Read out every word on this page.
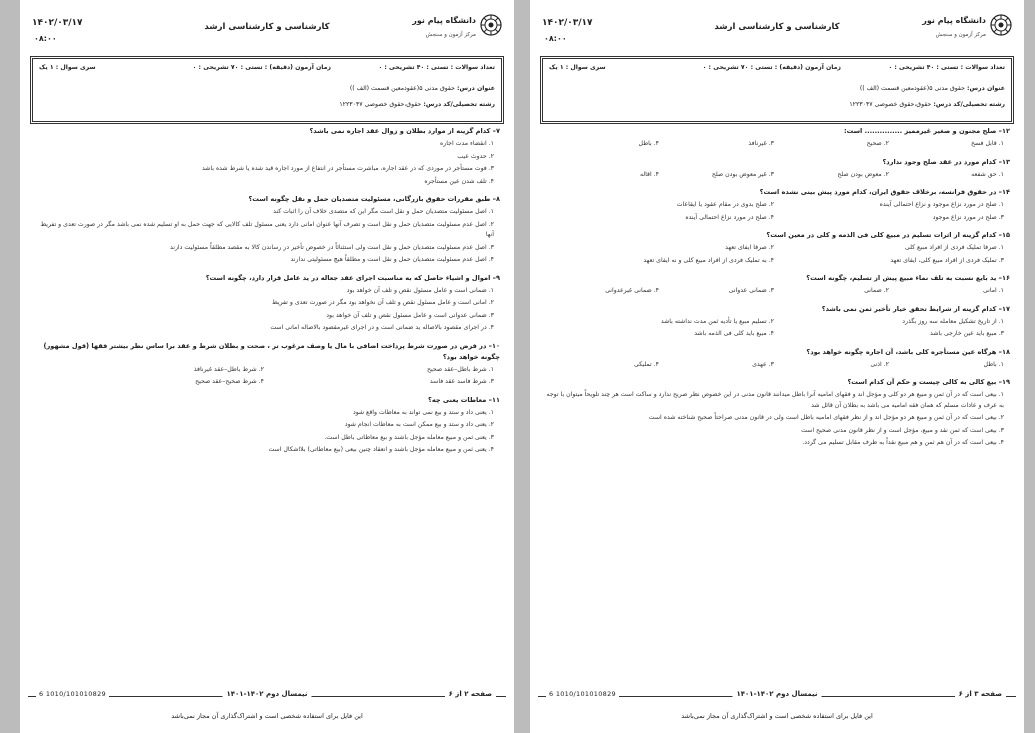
دانشگاه پیام نور
مرکز آزمون و سنجش
کارشناسی و کارشناسی ارشد
۱۴۰۲/۰۳/۱۷
۰۸:۰۰
تعداد سوالات : تستی : ۴۰ تشریحی : ۰
زمان آزمون (دقیقه) : تستی : ۷۰ تشریحی : ۰
سری سوال : ۱ یک
عنوان درس: حقوق مدنی ۵(عقودمعین قسمت (الف ))
رشته تحصیلی/کد درس: حقوق،حقوق خصوصی ۱۲۲۳۰۴۷
۷– کدام گزینه از موارد بطلان و زوال عقد اجاره نمی باشد؟
۱. انقضاء مدت اجاره
۲. حدوث عیب
۳. فوت مستأجر در موردی که در عقد اجاره، مباشرت مستأجر در انتفاع از مورد اجاره قید شده یا شرط شده باشد
۴. تلف شدن عین مستأجره
۸– طبق مقررات حقوق بازرگانی، مسئولیت متصدیان حمل و نقل چگونه است؟
۱. اصل مسئولیت متصدیان حمل و نقل است مگر این که متصدی خلاف آن را اثبات کند
۲. اصل عدم مسئولیت متصدیان حمل و نقل است و تصرف آنها عنوان امانی دارد یعنی مسئول تلف کالایی که جهت حمل به او تسلیم شده نمی باشد مگر در صورت تعدی و تفریط آنها
۳. اصل عدم مسئولیت متصدیان حمل و نقل است ولی استثنائاً در خصوص تأخیر در رساندن کالا به مقصد مطلقاً مسئولیت دارند
۴. اصل عدم مسئولیت متصدیان حمل و نقل است و مطلقاً هیچ مسئولیتی ندارند
۹– اموال و اشیاء حاصل که به مناسبت اجرای عقد جعاله در ید عامل قرار دارد، چگونه است؟
۱. ضمانی است و عامل مسئول نقص و تلف آن خواهد بود
۲. امانی است و عامل مسئول نقص و تلف آن نخواهد بود مگر در صورت تعدی و تفریط
۳. ضمانی عدوانی است و عامل مسئول نقص و تلف آن خواهد بود
۴. در اجرای مقصود بالاصاله ید ضمانی است و در اجرای غیرمقصود بالاصاله امانی است
۱۰– در فرض در صورت شرط پرداخت اضافی با مال یا وصف مرغوب تر ، صحت و بطلان شرط و عقد برا ساس نظر بیشتر فقها (قول مشهور) چگونه خواهد بود؟
۱. شرط باطل–عقد صحیح
۲. شرط باطل–عقد غیرنافذ
۳. شرط فاسد عقد فاسد
۴. شرط صحیح–عقد صحیح
۱۱– معاطات یعنی چه؟
۱. یعنی داد و ستد و بیع نمی تواند به معاطات واقع شود
۲. یعنی داد و ستد و بیع ممکن است به معاطات انجام شود
۳. یعنی ثمن و مبیع معامله مؤجل باشند و بیع معاطاتی باطل است.
۴. یعنی ثمن و مبیع معامله مؤجل باشند و انعقاد چنین بیعی (بیع معاطاتی) بلااشکال است
صفحه ۲ از ۶
نیمسال دوم ۱۴۰۲-۱۴۰۱
1010/101010829 6
این فایل برای استفاده شخصی است و اشتراک‌گذاری آن مجاز نمی‌باشد
دانشگاه پیام نور
مرکز آزمون و سنجش
کارشناسی و کارشناسی ارشد
۱۴۰۲/۰۳/۱۷
۰۸:۰۰
تعداد سوالات : تستی : ۴۰ تشریحی : ۰
زمان آزمون (دقیقه) : تستی : ۷۰ تشریحی : ۰
سری سوال : ۱ یک
عنوان درس: حقوق مدنی ۵(عقودمعین قسمت (الف ))
رشته تحصیلی/کد درس: حقوق،حقوق خصوصی ۱۲۲۳۰۴۷
۱۲– صلح مجنون و صغیر غیرممیز ............... است:
۱. قابل فسخ
۲. صحیح
۳. غیرنافذ
۴. باطل
۱۳– کدام مورد در عقد صلح وجود ندارد؟
۱. حق شفعه
۲. معوض بودن صلح
۳. غیر معوض بودن صلح
۴. اقاله
۱۴– در حقوق فرانسه، برخلاف حقوق ایران، کدام مورد پیش بینی نشده است؟
۱. صلح در مورد نزاع موجود و نزاع احتمالی آینده
۲. صلح بدوی در مقام عقود یا ایقاعات
۳. صلح در مورد نزاع موجود
۴. صلح در مورد نزاع احتمالی آینده
۱۵– کدام گزینه از اثرات تسلیم در مبیع کلی فی الذمه و کلی در معین است؟
۱. صرفا تملیک فردی از افراد مبیع کلی
۲. صرفا ایفای تعهد
۳. تملیک فردی از افراد مبیع کلی، ایفای تعهد
۴. به تملیک فردی از افراد مبیع کلی و نه ایفای تعهد
۱۶– ید بایع نسبت به تلف نماء مبیع پیش از تسلیم، چگونه است؟
۱. امانی
۲. ضمانی
۳. ضمانی عدوانی
۴. ضمانی غیرعدوانی
۱۷– کدام گزینه از شرایط تحقق خیار تأخیر ثمن نمی باشد؟
۱. از تاریخ تشکیل معامله سه روز بگذرد
۲. تسلیم مبیع یا تأدیه ثمن مدت نداشته باشد
۳. مبیع باید عین خارجی باشد
۴. مبیع باید کلی فی الذمه باشد
۱۸– هرگاه عین مستأجره کلی باشد، آن اجاره چگونه خواهد بود؟
۱. باطل
۲. اذنی
۳. عهدی
۴. تملیکی
۱۹– بیع کالی به کالی چیست و حکم آن کدام است؟
۱. بیعی است که در آن ثمن و مبیع هر دو کلی و مؤجل اند و فقهای امامیه آنرا باطل میدانند قانون مدنی در این خصوص نظر صریح ندارد و ساکت است هر چند تلویحاً میتوان با توجه به عرف و عادات مسلم که همان فقه امامیه می باشد به بطلان آن قائل شد
۲. بیعی است که در آن ثمن و مبیع هر دو مؤجل اند و از نظر فقهای امامیه باطل است ولی در قانون مدنی صراحتاً صحیح شناخته شده است
۳. بیعی است که ثمن نقد و مبیع، مؤجل است و از نظر قانون مدنی صحیح است
۴. بیعی است که در آن هم ثمن و هم مبیع نقداً به طرف مقابل تسلیم می گردد.
صفحه ۳ از ۶
نیمسال دوم ۱۴۰۲-۱۴۰۱
1010/101010829 6
این فایل برای استفاده شخصی است و اشتراک‌گذاری آن مجاز نمی‌باشد
